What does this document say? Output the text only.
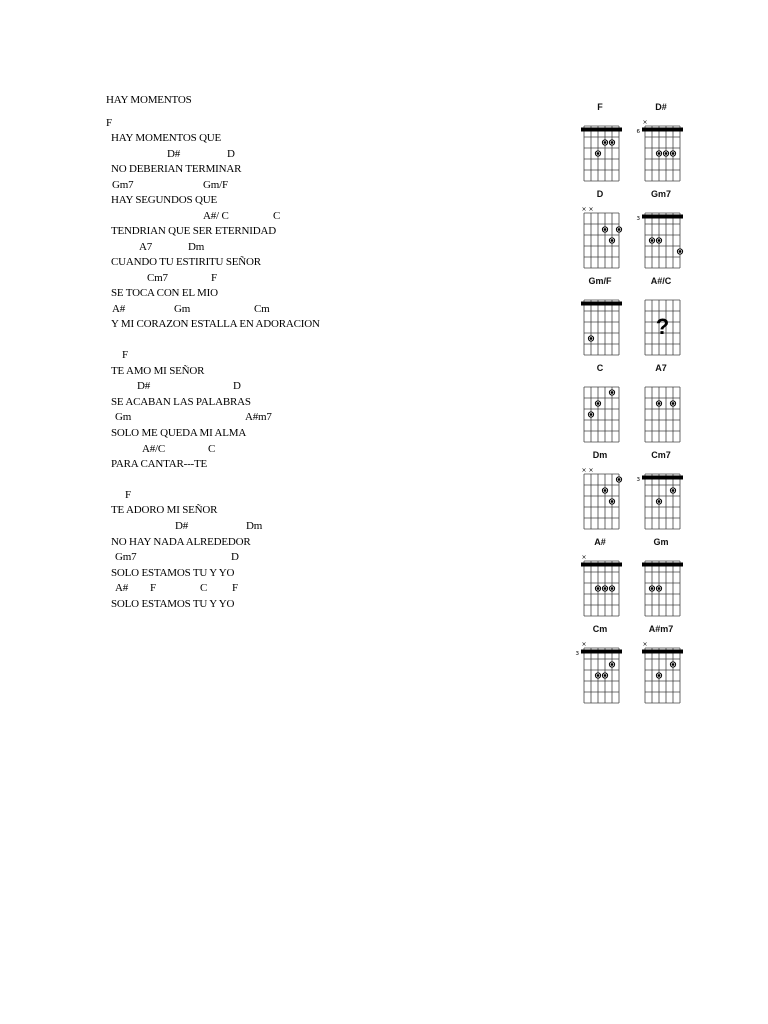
HAY MOMENTOS
F
HAY MOMENTOS QUE
D#	D
NO DEBERIAN TERMINAR
Gm7	Gm/F
HAY SEGUNDOS QUE
A#/ C	C
TENDRIAN QUE SER ETERNIDAD
A7	Dm
CUANDO TU ESTIRITU SEÑOR
Cm7	F
SE TOCA CON EL MIO
A#	Gm	Cm
Y MI CORAZON ESTALLA EN ADORACION
F
TE AMO MI SEÑOR
D#	D
SE ACABAN LAS PALABRAS
Gm	A#m7
SOLO ME QUEDA MI ALMA
A#/C	C
PARA CANTAR---TE
F
TE ADORO MI SEÑOR
D#	Dm
NO HAY NADA ALREDEDOR
Gm7	D
SOLO ESTAMOS TU Y YO
A# F	C F
SOLO ESTAMOS TU Y YO
F	D#
×
6
D
× ×
Gm7
3
Gm/F	A#/C
?
C	A7
Dm
× ×
Cm7
3
A#
×
Gm
Cm
×
3
A#m7
×
